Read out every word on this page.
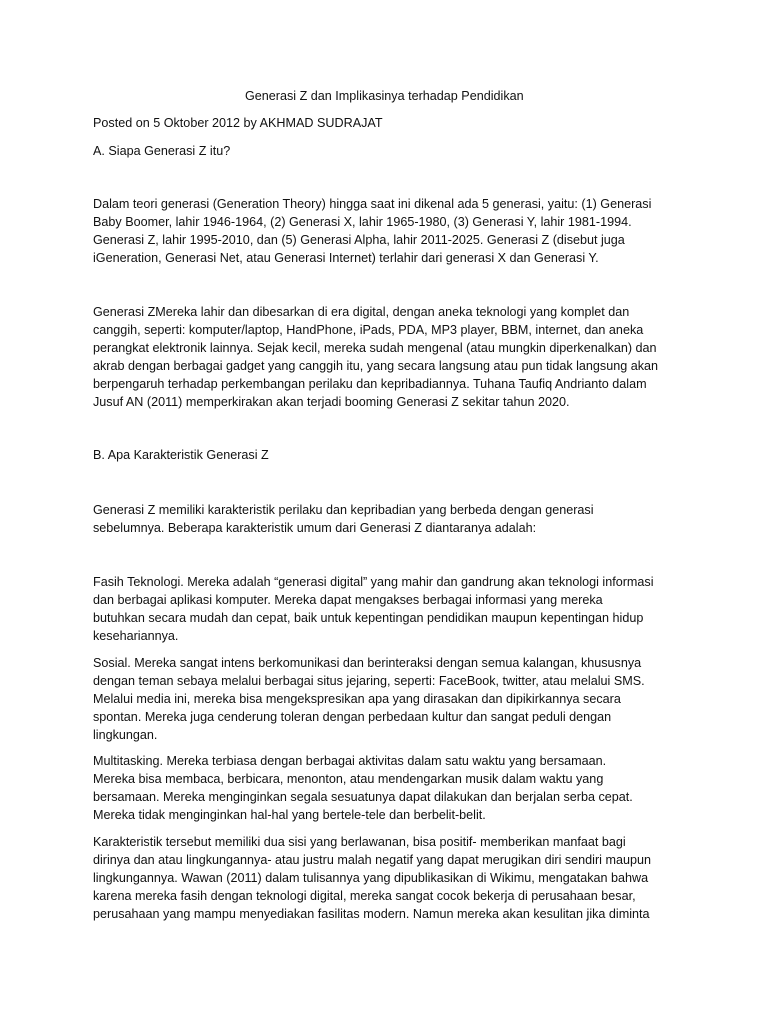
Generasi Z dan Implikasinya terhadap Pendidikan

Posted on 5 Oktober 2012 by AKHMAD SUDRAJAT

A. Siapa Generasi Z itu?

Dalam teori generasi (Generation Theory) hingga saat ini dikenal ada 5 generasi, yaitu: (1) Generasi

Baby Boomer, lahir 1946-1964, (2) Generasi X, lahir 1965-1980, (3) Generasi Y, lahir 1981-1994.

Generasi Z, lahir 1995-2010, dan (5) Generasi Alpha, lahir 2011-2025. Generasi Z (disebut juga

iGeneration, Generasi Net, atau Generasi Internet) terlahir dari generasi X dan Generasi Y.

Generasi ZMereka lahir dan dibesarkan di era digital, dengan aneka teknologi yang komplet dan

canggih, seperti: komputer/laptop, HandPhone, iPads, PDA, MP3 player, BBM, internet, dan aneka

perangkat elektronik lainnya. Sejak kecil, mereka sudah mengenal (atau mungkin diperkenalkan) dan

akrab dengan berbagai gadget yang canggih itu, yang secara langsung atau pun tidak langsung akan

berpengaruh terhadap perkembangan perilaku dan kepribadiannya. Tuhana Taufiq Andrianto dalam

Jusuf AN (2011) memperkirakan akan terjadi booming Generasi Z sekitar tahun 2020.

B. Apa Karakteristik Generasi Z

Generasi Z memiliki karakteristik perilaku dan kepribadian yang berbeda dengan generasi

sebelumnya. Beberapa karakteristik umum dari Generasi Z diantaranya adalah:

Fasih Teknologi. Mereka adalah “generasi digital” yang mahir dan gandrung akan teknologi informasi

dan berbagai aplikasi komputer. Mereka dapat mengakses berbagai informasi yang mereka

butuhkan secara mudah dan cepat, baik untuk kepentingan pendidikan maupun kepentingan hidup

kesehariannya.

Sosial. Mereka sangat intens berkomunikasi dan berinteraksi dengan semua kalangan, khususnya

dengan teman sebaya melalui berbagai situs jejaring, seperti: FaceBook, twitter, atau melalui SMS.

Melalui media ini, mereka bisa mengekspresikan apa yang dirasakan dan dipikirkannya secara

spontan. Mereka juga cenderung toleran dengan perbedaan kultur dan sangat peduli dengan

lingkungan.

Multitasking. Mereka terbiasa dengan berbagai aktivitas dalam satu waktu yang bersamaan.

Mereka bisa membaca, berbicara, menonton, atau mendengarkan musik dalam waktu yang

bersamaan. Mereka menginginkan segala sesuatunya dapat dilakukan dan berjalan serba cepat.

Mereka tidak menginginkan hal-hal yang bertele-tele dan berbelit-belit.

Karakteristik tersebut memiliki dua sisi yang berlawanan, bisa positif- memberikan manfaat bagi

dirinya dan atau lingkungannya- atau justru malah negatif yang dapat merugikan diri sendiri maupun

lingkungannya. Wawan (2011) dalam tulisannya yang dipublikasikan di Wikimu, mengatakan bahwa

karena mereka fasih dengan teknologi digital, mereka sangat cocok bekerja di perusahaan besar,

perusahaan yang mampu menyediakan fasilitas modern. Namun mereka akan kesulitan jika diminta
